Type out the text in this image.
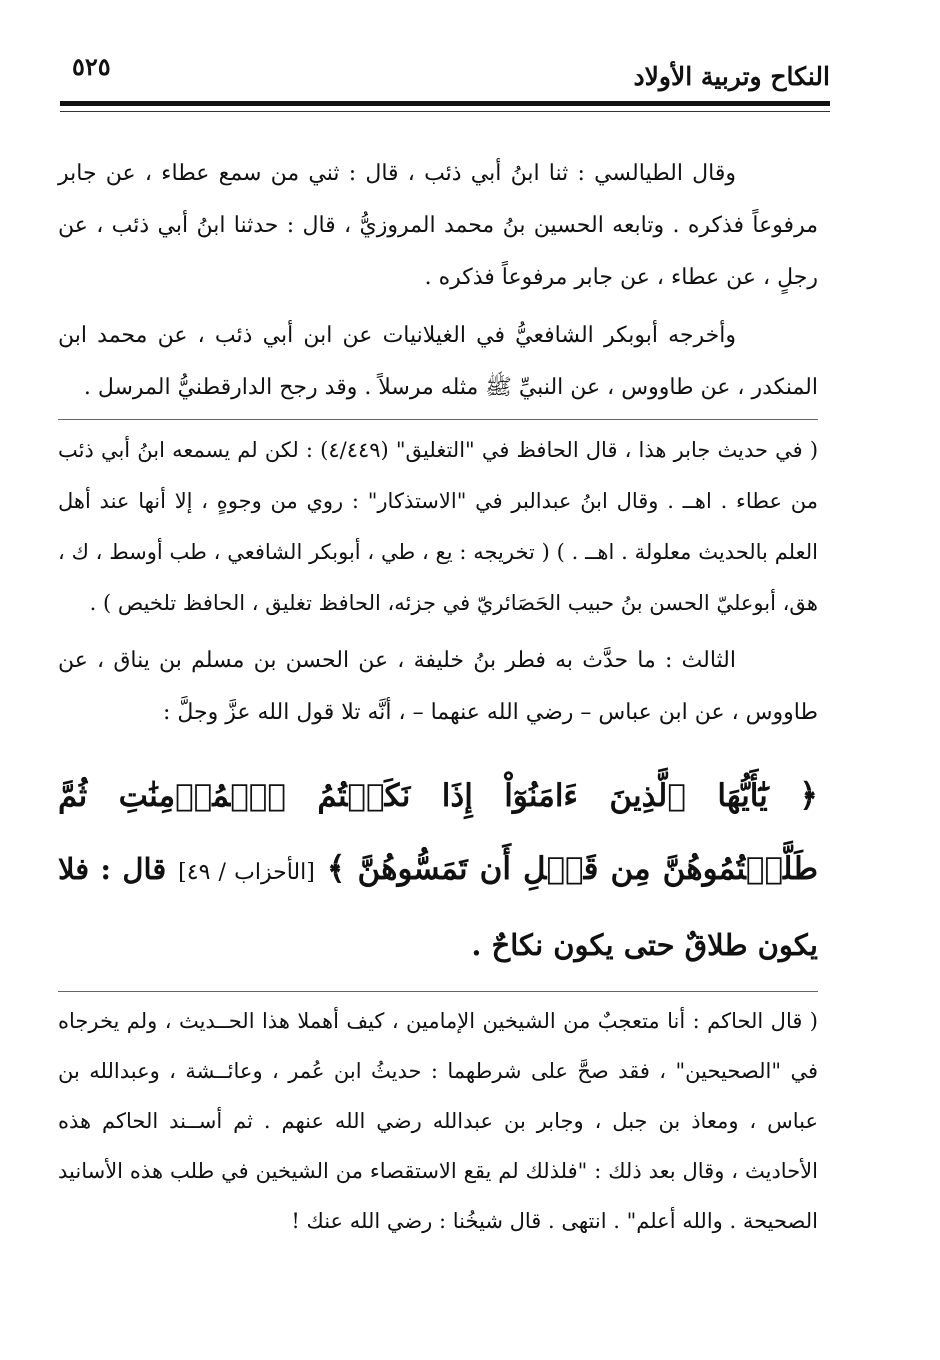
النكاح وتربية الأولاد
٥٢٥

وقال الطيالسي : ثنا ابنُ أبي ذئب ، قال : ثني من سمع عطاء ، عن جابر مرفوعاً فذكره . وتابعه الحسين بنُ محمد المروزيُّ ، قال : حدثنا ابنُ أبي ذئب ، عن رجلٍ ، عن عطاء ، عن جابر مرفوعاً فذكره .

وأخرجه أبوبكر الشافعيُّ في الغيلانيات عن ابن أبي ذئب ، عن محمد ابن المنكدر ، عن طاووس ، عن النبيِّ ﷺ مثله مرسلاً . وقد رجح الدارقطنيُّ المرسل .

( في حديث جابر هذا ، قال الحافظ في "التغليق" (٤/٤٤٩) : لكن لم يسمعه ابنُ أبي ذئب من عطاء . اهــ . وقال ابنُ عبدالبر في "الاستذكار" : روي من وجوهٍ ، إلا أنها عند أهل العلم بالحديث معلولة . اهــ . ) ( تخريجه : يع ، طي ، أبوبكر الشافعي ، طب أوسط ، ك ، هق، أبوعليّ الحسن بنُ حبيب الحَصَائريّ في جزئه، الحافظ تغليق ، الحافظ تلخيص ) .

الثالث : ما حدَّث به فطر بنُ خليفة ، عن الحسن بن مسلم بن يناق ، عن طاووس ، عن ابن عباس – رضي الله عنهما – ، أنَّه تلا قول الله عزَّ وجلَّ :

﴿ يَٰٓأَيُّهَا ٱلَّذِينَ ءَامَنُوٓاْ إِذَا نَكَحۡتُمُ ٱلۡمُؤۡمِنَٰتِ ثُمَّ طَلَّقۡتُمُوهُنَّ مِن قَبۡلِ أَن تَمَسُّوهُنَّ ﴾ [الأحزاب / ٤٩] قال : فلا يكون طلاقٌ حتى يكون نكاحٌ .

( قال الحاكم : أنا متعجبٌ من الشيخين الإمامين ، كيف أهملا هذا الحــديث ، ولم يخرجاه في "الصحيحين" ، فقد صحَّ على شرطهما : حديثُ ابن عُمر ، وعائــشة ، وعبدالله بن عباس ، ومعاذ بن جبل ، وجابر بن عبدالله رضي الله عنهم . ثم أســند الحاكم هذه الأحاديث ، وقال بعد ذلك : "فلذلك لم يقع الاستقصاء من الشيخين في طلب هذه الأسانيد الصحيحة . والله أعلم" . انتهى . قال شيخُنا : رضي الله عنك !
